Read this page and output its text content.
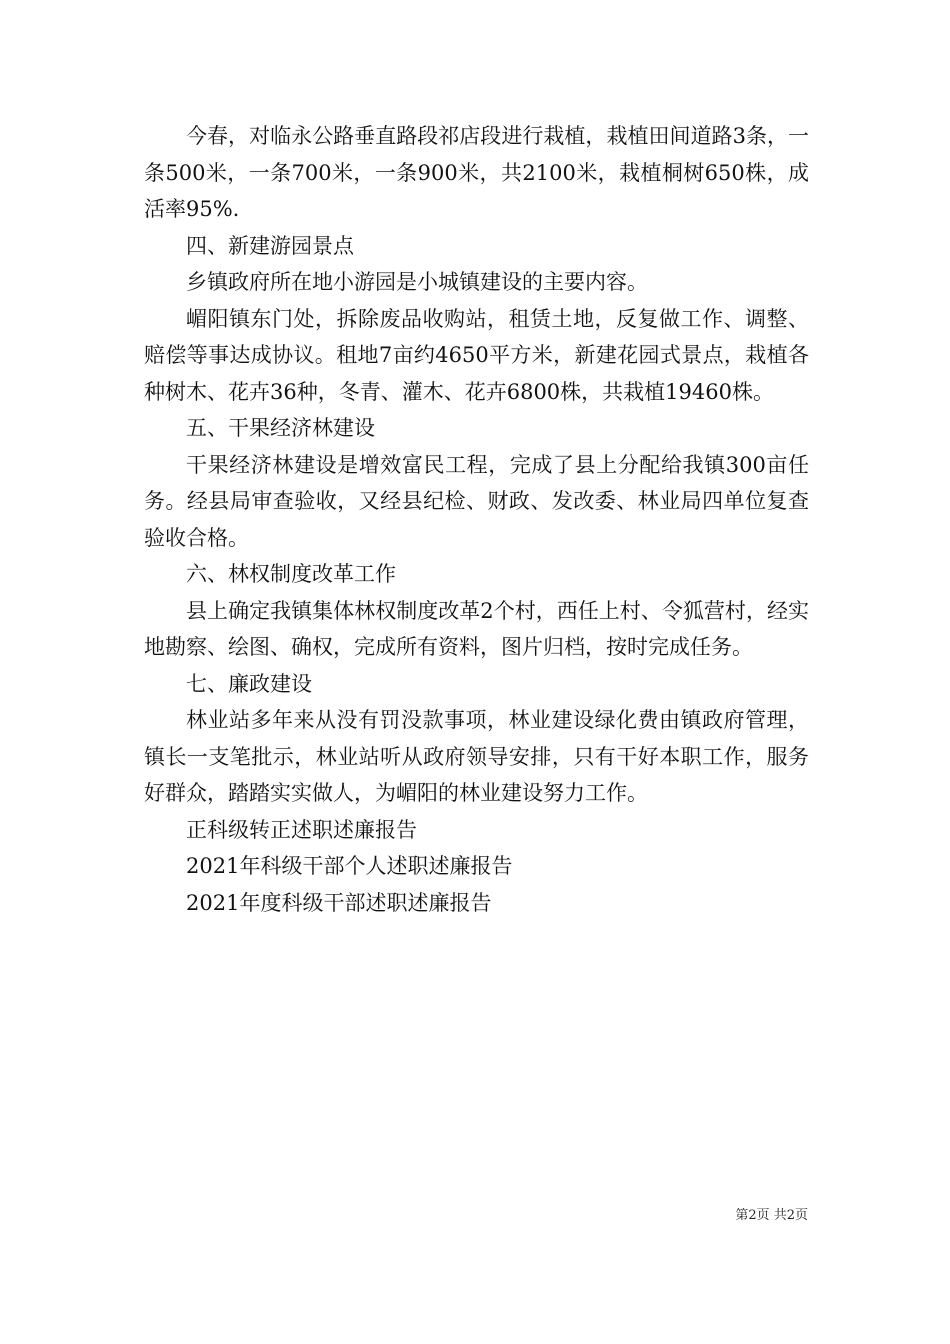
今春，对临永公路垂直路段祁店段进行栽植，栽植田间道路3条，一条500米，一条700米，一条900米，共2100米，栽植桐树650株，成活率95%.

四、新建游园景点

乡镇政府所在地小游园是小城镇建设的主要内容。

嵋阳镇东门处，拆除废品收购站，租赁土地，反复做工作、调整、赔偿等事达成协议。租地7亩约4650平方米，新建花园式景点，栽植各种树木、花卉36种，冬青、灌木、花卉6800株，共栽植19460株。

五、干果经济林建设

干果经济林建设是增效富民工程，完成了县上分配给我镇300亩任务。经县局审查验收，又经县纪检、财政、发改委、林业局四单位复查验收合格。

六、林权制度改革工作

县上确定我镇集体林权制度改革2个村，西任上村、令狐营村，经实地勘察、绘图、确权，完成所有资料，图片归档，按时完成任务。

七、廉政建设

林业站多年来从没有罚没款事项，林业建设绿化费由镇政府管理，镇长一支笔批示，林业站听从政府领导安排，只有干好本职工作，服务好群众，踏踏实实做人，为嵋阳的林业建设努力工作。

正科级转正述职述廉报告

2021年科级干部个人述职述廉报告

2021年度科级干部述职述廉报告

第2页 共2页
